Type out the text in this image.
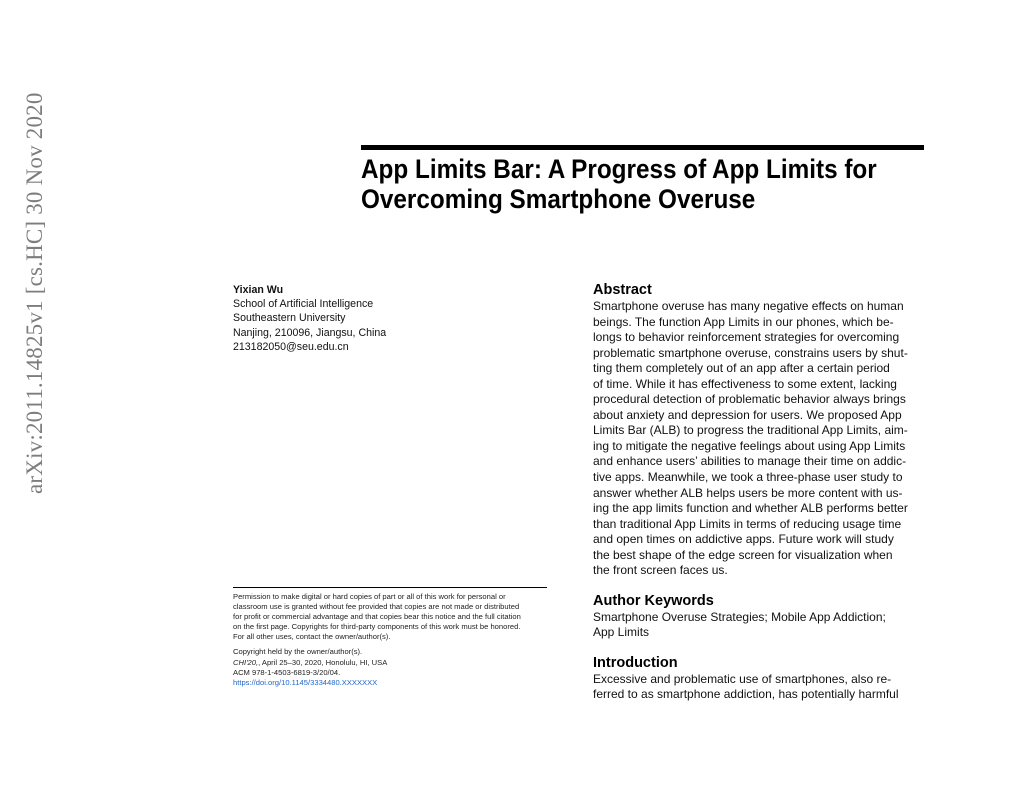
arXiv:2011.14825v1 [cs.HC] 30 Nov 2020	App Limits Bar: A Progress of App Limits for
Overcoming Smartphone Overuse
Yixian Wu
School of Artificial Intelligence
Southeastern University
Nanjing, 210096, Jiangsu, China
213182050@seu.edu.cn
Abstract
Smartphone overuse has many negative effects on human
beings. The function App Limits in our phones, which be-
longs to behavior reinforcement strategies for overcoming
problematic smartphone overuse, constrains users by shut-
ting them completely out of an app after a certain period
of time. While it has effectiveness to some extent, lacking
procedural detection of problematic behavior always brings
about anxiety and depression for users. We proposed App
Limits Bar (ALB) to progress the traditional App Limits, aim-
ing to mitigate the negative feelings about using App Limits
and enhance users’ abilities to manage their time on addic-
tive apps. Meanwhile, we took a three-phase user study to
answer whether ALB helps users be more content with us-
ing the app limits function and whether ALB performs better
than traditional App Limits in terms of reducing usage time
and open times on addictive apps. Future work will study
the best shape of the edge screen for visualization when
the front screen faces us.
Author Keywords
Smartphone Overuse Strategies; Mobile App Addiction;
App Limits
Introduction
Excessive and problematic use of smartphones, also re-
ferred to as smartphone addiction, has potentially harmful
Permission to make digital or hard copies of part or all of this work for personal or
classroom use is granted without fee provided that copies are not made or distributed
for profit or commercial advantage and that copies bear this notice and the full citation
on the first page. Copyrights for third-party components of this work must be honored.
For all other uses, contact the owner/author(s).
Copyright held by the owner/author(s).
CHI'20,, April 25–30, 2020, Honolulu, HI, USA
ACM 978-1-4503-6819-3/20/04.
https://doi.org/10.1145/3334480.XXXXXXX
